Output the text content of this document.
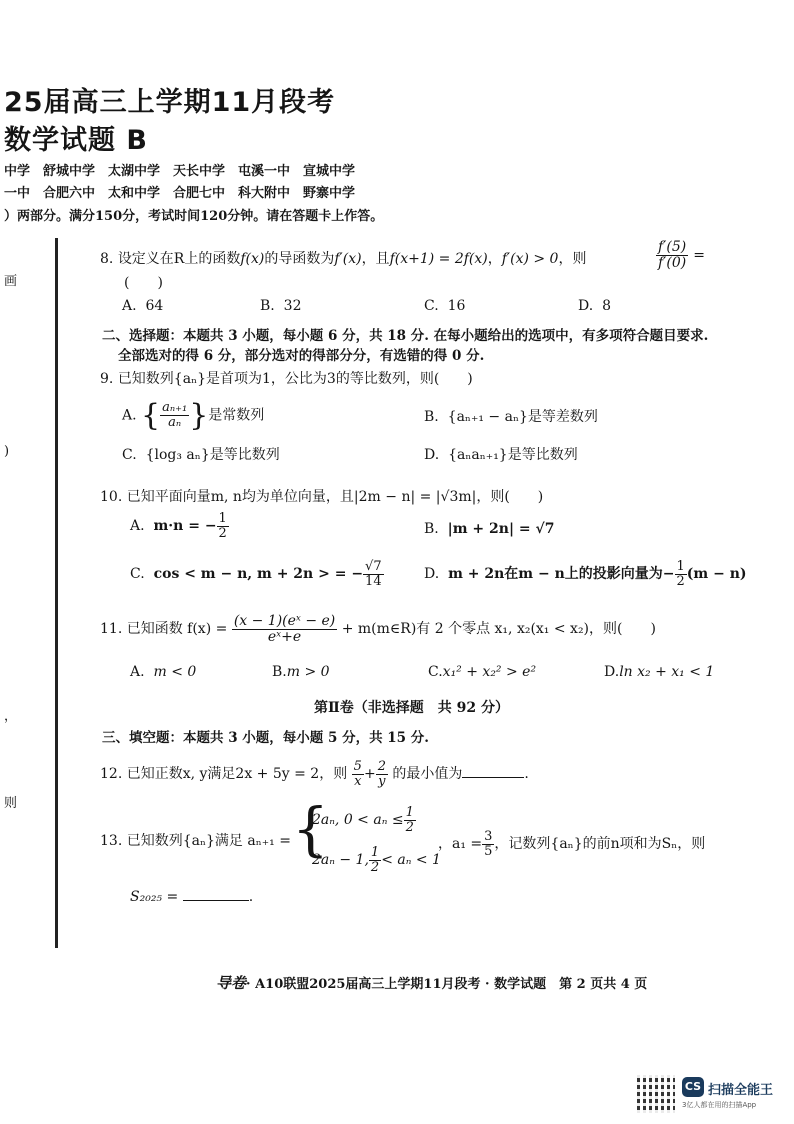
25届高三上学期11月段考
数学试题 B
中学　舒城中学　太湖中学　天长中学　屯溪一中　宣城中学
一中　合肥六中　太和中学　合肥七中　科大附中　野寨中学
）两部分。满分150分，考试时间120分钟。请在答题卡上作答。
画
)
，
则
8. 设定义在R上的函数f(x)的导函数为f′(x)，且f(x+1) = 2f(x)，f′(x) > 0，则	$\frac{f'(5)}{f'(0)}$ =
(　　)
A. 64	B. 32	C. 16	D. 8
二、选择题：本题共 3 小题，每小题 6 分，共 18 分. 在每小题给出的选项中，有多项符合题目要求.
全部选对的得 6 分，部分选对的得部分分，有选错的得 0 分.
9. 已知数列{aₙ}是首项为1，公比为3的等比数列，则(　　)
A. { $\frac{\text{aₙ₊₁}}{\text{aₙ}}$ }是常数列	B. {aₙ₊₁ − aₙ}是等差数列
C. {log₃ aₙ}是等比数列	D. {aₙaₙ₊₁}是等比数列
10. 已知平面向量m, n均为单位向量，且|2m − n| = |√3m|，则(　　)
A. m·n = − $\frac{1}{2}$	B. |m + 2n| = √7
C. cos < m − n, m + 2n > = − $\frac{√7}{14}$	D. m + 2n在m − n上的投影向量为− $\frac{1}{2} (m - n)$
11. 已知函数 $f(x) = \frac{\text{(x − 1)(eˣ − e)}}{\text{eˣ+e}}$ + m(m∈R)有 2 个零点 x₁, x₂(x₁ < x₂)，则(　　)
A. m < 0	B.m > 0	C.x₁² + x₂² > e²	D.ln x₂ + x₁ < 1
第Ⅱ卷（非选择题　共 92 分）
三、填空题：本题共 3 小题，每小题 5 分，共 15 分.
12. 已知正数x, y满足2x + 5y = 2，则 $\frac{5}{x} + \frac{2}{y}$ 的最小值为	.
13. 已知数列{aₙ}满足 aₙ₊₁ = {
2aₙ, $0 < a_n \le \frac{1}{2}$
2aₙ − 1, $\frac{1}{2} < a_n < 1$
，$a_1 = \frac{3}{5}$ ，记数列{aₙ}的前n项和为Sₙ，则
S₂₀₂₅ =	.
导卷· A10联盟2025届高三上学期11月段考 · 数学试题　第 2 页共 4 页
CS 扫描全能王
3亿人都在用的扫描App
